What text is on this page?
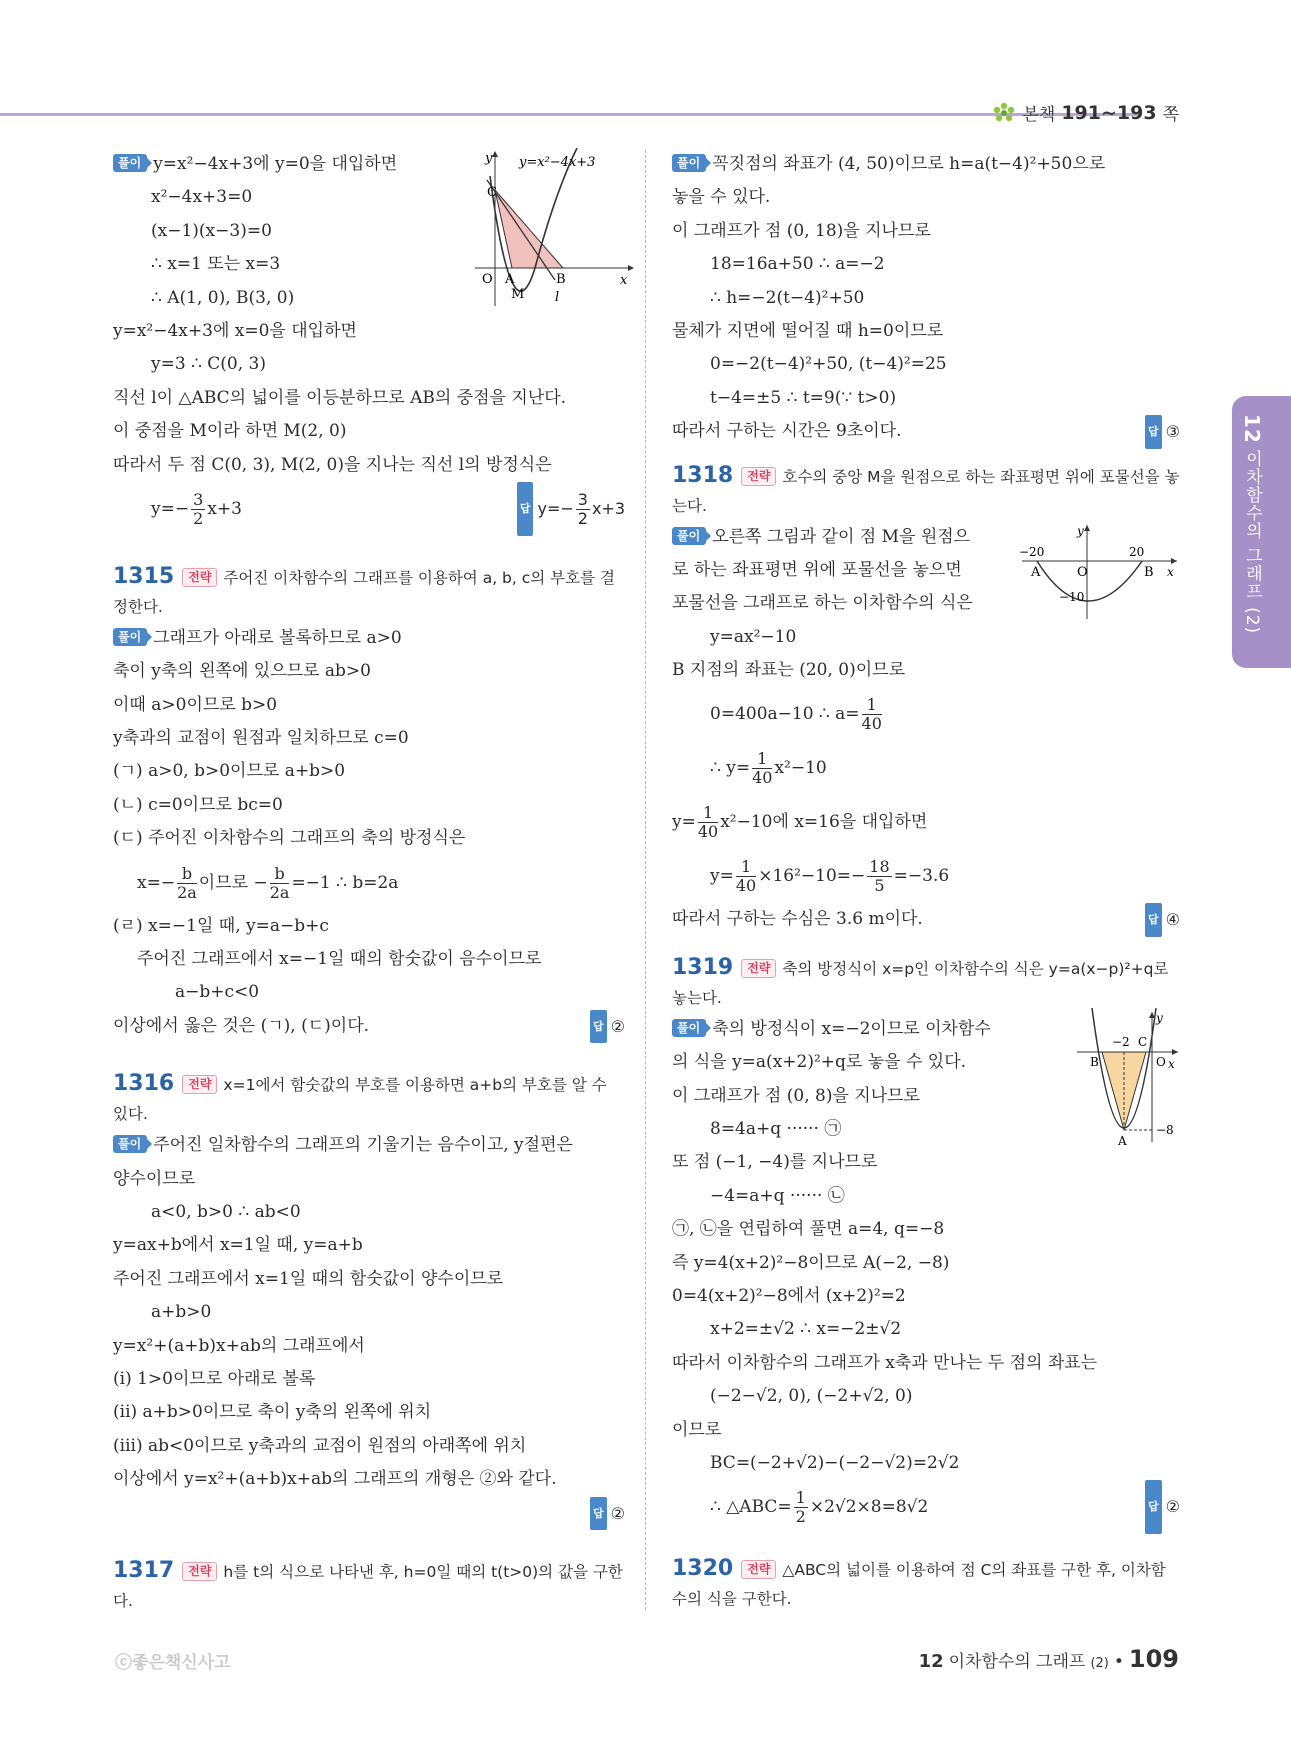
본책 191~193 쪽
12 이차함수의 그래프 (2)
C
O A
M
B
l
x
y y=x²−4x+3
풀이 y=x²−4x+3에 y=0을 대입하면
x²−4x+3=0
(x−1)(x−3)=0
∴ x=1 또는 x=3
∴ A(1, 0), B(3, 0)
y=x²−4x+3에 x=0을 대입하면
y=3 ∴ C(0, 3)
직선 l이 △ABC의 넓이를 이등분하므로 AB의 중점을 지난다.
이 중점을 M이라 하면 M(2, 0)
따라서 두 점 C(0, 3), M(2, 0)을 지나는 직선 l의 방정식은
$y=- \frac{3}{2} x+3$	답 $y=- \frac{3}{2} x+3$
1315 전략 주어진 이차함수의 그래프를 이용하여 a, b, c의 부호를 결정한다.
풀이 그래프가 아래로 볼록하므로 a>0
축이 y축의 왼쪽에 있으므로 ab>0
이때 a>0이므로 b>0
y축과의 교점이 원점과 일치하므로 c=0
(ㄱ) a>0, b>0이므로 a+b>0
(ㄴ) c=0이므로 bc=0
(ㄷ) 주어진 이차함수의 그래프의 축의 방정식은
$x=- \frac{b}{2a}$ 이므로 − $\frac{b}{2a} =-1$ ∴ b=2a
(ㄹ) x=−1일 때, y=a−b+c
주어진 그래프에서 x=−1일 때의 함숫값이 음수이므로
a−b+c<0
이상에서 옳은 것은 (ㄱ), (ㄷ)이다.	답 ②
1316 전략 x=1에서 함숫값의 부호를 이용하면 a+b의 부호를 알 수 있다.
풀이 주어진 일차함수의 그래프의 기울기는 음수이고, y절편은
양수이므로
a<0, b>0 ∴ ab<0
y=ax+b에서 x=1일 때, y=a+b
주어진 그래프에서 x=1일 때의 함숫값이 양수이므로
a+b>0
y=x²+(a+b)x+ab의 그래프에서
(i) 1>0이므로 아래로 볼록
(ii) a+b>0이므로 축이 y축의 왼쪽에 위치
(iii) ab<0이므로 y축과의 교점이 원점의 아래쪽에 위치
이상에서 y=x²+(a+b)x+ab의 그래프의 개형은 ②와 같다.
답 ②
1317 전략 h를 t의 식으로 나타낸 후, h=0일 때의 t(t>0)의 값을 구한다.
풀이 꼭짓점의 좌표가 (4, 50)이므로 h=a(t−4)²+50으로
놓을 수 있다.
이 그래프가 점 (0, 18)을 지나므로
18=16a+50 ∴ a=−2
∴ h=−2(t−4)²+50
물체가 지면에 떨어질 때 h=0이므로
0=−2(t−4)²+50, (t−4)²=25
t−4=±5 ∴ t=9(∵ t>0)
따라서 구하는 시간은 9초이다.	답 ③
1318 전략 호수의 중앙 M을 원점으로 하는 좌표평면 위에 포물선을 놓는다.
y
x
−20	20
A	O	B
−10
풀이 오른쪽 그림과 같이 점 M을 원점으
로 하는 좌표평면 위에 포물선을 놓으면
포물선을 그래프로 하는 이차함수의 식은
y=ax²−10
B 지점의 좌표는 (20, 0)이므로
0=400a−10 ∴ $a= \frac{1}{40}$
∴ $y= \frac{1}{40} x^2-10$
$y= \frac{1}{40} x^2-10$에 x=16을 대입하면
$y= \frac{1}{40} \times 16^2-10=- \frac{18}{5} =-3.6$
따라서 구하는 수심은 3.6 m이다.	답 ④
1319 전략 축의 방정식이 x=p인 이차함수의 식은 y=a(x−p)²+q로 놓는다.
y
x
−2 C
B	O
−8
A
풀이 축의 방정식이 x=−2이므로 이차함수
의 식을 y=a(x+2)²+q로 놓을 수 있다.
이 그래프가 점 (0, 8)을 지나므로
8=4a+q ······ ㉠
또 점 (−1, −4)를 지나므로
−4=a+q ······ ㉡
㉠, ㉡을 연립하여 풀면 a=4, q=−8
즉 y=4(x+2)²−8이므로 A(−2, −8)
0=4(x+2)²−8에서 (x+2)²=2
x+2=±√2 ∴ x=−2±√2
따라서 이차함수의 그래프가 x축과 만나는 두 점의 좌표는
(−2−√2, 0), (−2+√2, 0)
이므로
BC=(−2+√2)−(−2−√2)=2√2
∴ △ABC= $\frac{1}{2} \times 2√2\times 8=8√2$	답 ②
1320 전략 △ABC의 넓이를 이용하여 점 C의 좌표를 구한 후, 이차함수의 식을 구한다.
ⓒ좋은책신사고	12 이차함수의 그래프 (2) • 109
